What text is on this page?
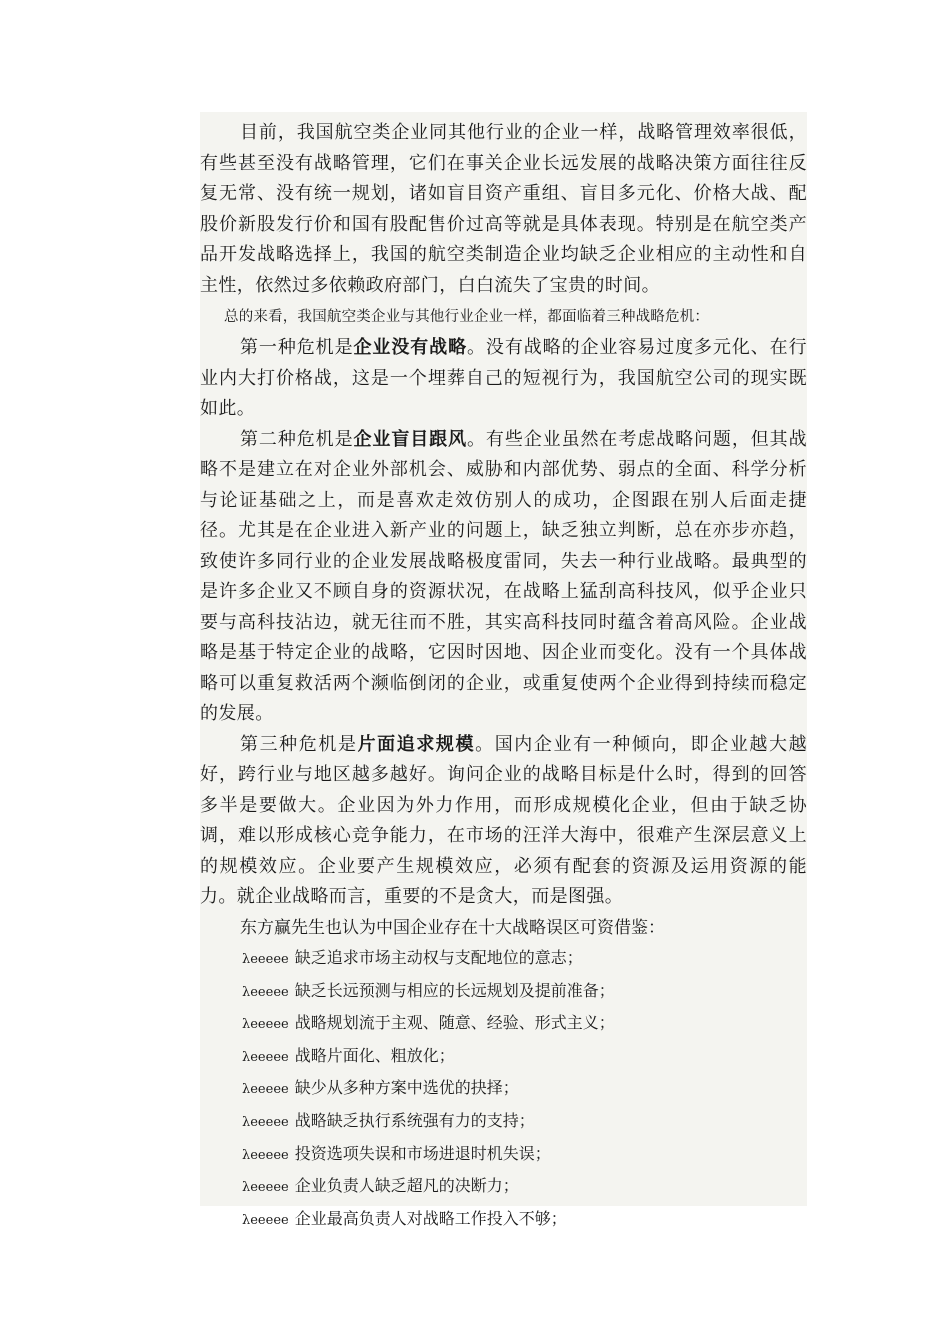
目前，我国航空类企业同其他行业的企业一样，战略管理效率很低，有些甚至没有战略管理，它们在事关企业长远发展的战略决策方面往往反复无常、没有统一规划，诸如盲目资产重组、盲目多元化、价格大战、配股价新股发行价和国有股配售价过高等就是具体表现。特别是在航空类产品开发战略选择上，我国的航空类制造企业均缺乏企业相应的主动性和自主性，依然过多依赖政府部门，白白流失了宝贵的时间。

总的来看，我国航空类企业与其他行业企业一样，都面临着三种战略危机：

第一种危机是企业没有战略。没有战略的企业容易过度多元化、在行业内大打价格战，这是一个埋葬自己的短视行为，我国航空公司的现实既如此。

第二种危机是企业盲目跟风。有些企业虽然在考虑战略问题，但其战略不是建立在对企业外部机会、威胁和内部优势、弱点的全面、科学分析与论证基础之上，而是喜欢走效仿别人的成功，企图跟在别人后面走捷径。尤其是在企业进入新产业的问题上，缺乏独立判断，总在亦步亦趋，致使许多同行业的企业发展战略极度雷同，失去一种行业战略。最典型的是许多企业又不顾自身的资源状况，在战略上猛刮高科技风，似乎企业只要与高科技沾边，就无往而不胜，其实高科技同时蕴含着高风险。企业战略是基于特定企业的战略，它因时因地、因企业而变化。没有一个具体战略可以重复救活两个濒临倒闭的企业，或重复使两个企业得到持续而稳定的发展。

第三种危机是片面追求规模。国内企业有一种倾向，即企业越大越好，跨行业与地区越多越好。询问企业的战略目标是什么时，得到的回答多半是要做大。企业因为外力作用，而形成规模化企业，但由于缺乏协调，难以形成核心竞争能力，在市场的汪洋大海中，很难产生深层意义上的规模效应。企业要产生规模效应，必须有配套的资源及运用资源的能力。就企业战略而言，重要的不是贪大，而是图强。

东方赢先生也认为中国企业存在十大战略误区可资借鉴：

λeeeee 缺乏追求市场主动权与支配地位的意志；
λeeeee 缺乏长远预测与相应的长远规划及提前准备；
λeeeee 战略规划流于主观、随意、经验、形式主义；
λeeeee 战略片面化、粗放化；
λeeeee 缺少从多种方案中选优的抉择；
λeeeee 战略缺乏执行系统强有力的支持；
λeeeee 投资选项失误和市场进退时机失误；
λeeeee 企业负责人缺乏超凡的决断力；
λeeeee 企业最高负责人对战略工作投入不够；
